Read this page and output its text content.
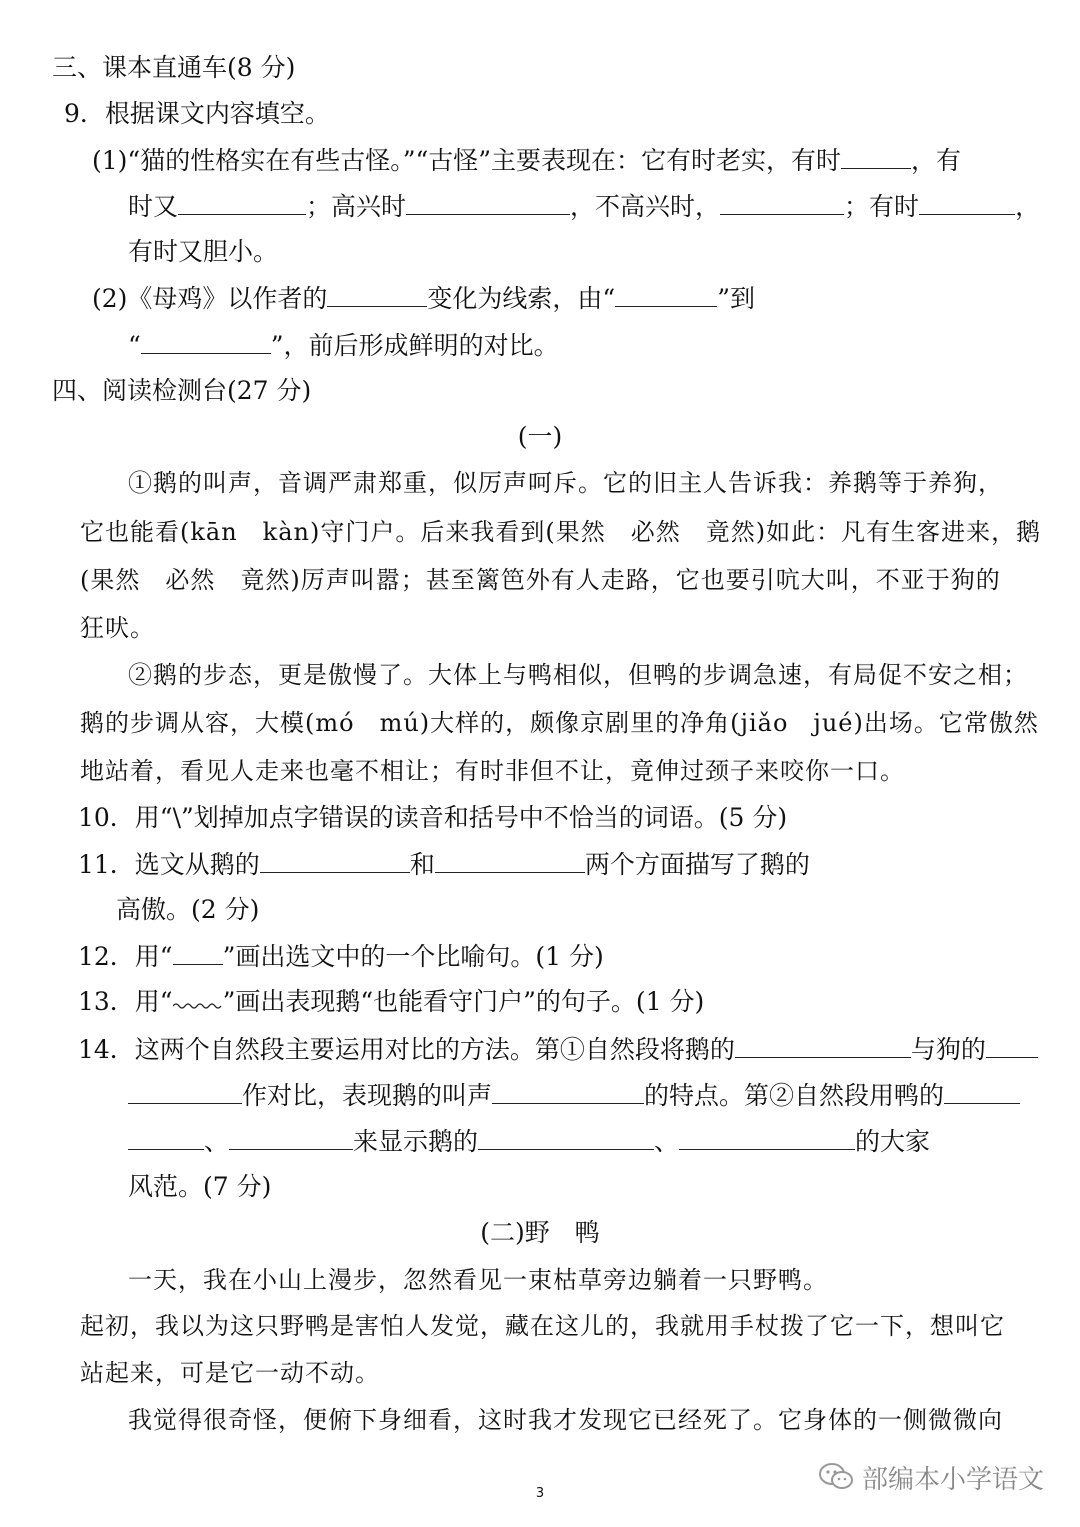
三、课本直通车(8 分)
9．根据课文内容填空。
(1)“猫的性格实在有些古怪。”“古怪”主要表现在：它有时老实，有时	，有
时又	；高兴时	，不高兴时，	；有时	，
有时又胆小。
(2)《母鸡》以作者的	变化为线索，由“	”到
“	”，前后形成鲜明的对比。
四、阅读检测台(27 分)
(一)
①鹅的叫声，音调严肃郑重，似厉声呵斥。它的旧主人告诉我：养鹅等于养狗，
它也能看(kān　kàn)守门户。后来我看到(果然　必然　竟然)如此：凡有生客进来，鹅
(果然　必然　竟然)厉声叫嚣；甚至篱笆外有人走路，它也要引吭大叫，不亚于狗的
狂吠。
②鹅的步态，更是傲慢了。大体上与鸭相似，但鸭的步调急速，有局促不安之相；
鹅的步调从容，大模(mó　mú)大样的，颇像京剧里的净角(jiǎo　jué)出场。它常傲然
地站着，看见人走来也毫不相让；有时非但不让，竟伸过颈子来咬你一口。
10．用“\”划掉加点字错误的读音和括号中不恰当的词语。(5 分)
11．选文从鹅的	和	两个方面描写了鹅的
高傲。(2 分)
12．用“ ”画出选文中的一个比喻句。(1 分)
13．用“ ”画出表现鹅“也能看守门户”的句子。(1 分)
14．这两个自然段主要运用对比的方法。第①自然段将鹅的	与狗的
作对比，表现鹅的叫声	的特点。第②自然段用鸭的
、	来显示鹅的	、	的大家
风范。(7 分)
(二)野　鸭
一天，我在小山上漫步，忽然看见一束枯草旁边躺着一只野鸭。
起初，我以为这只野鸭是害怕人发觉，藏在这儿的，我就用手杖拨了它一下，想叫它
站起来，可是它一动不动。
我觉得很奇怪，便俯下身细看，这时我才发现它已经死了。它身体的一侧微微向
3	部编本小学语文
